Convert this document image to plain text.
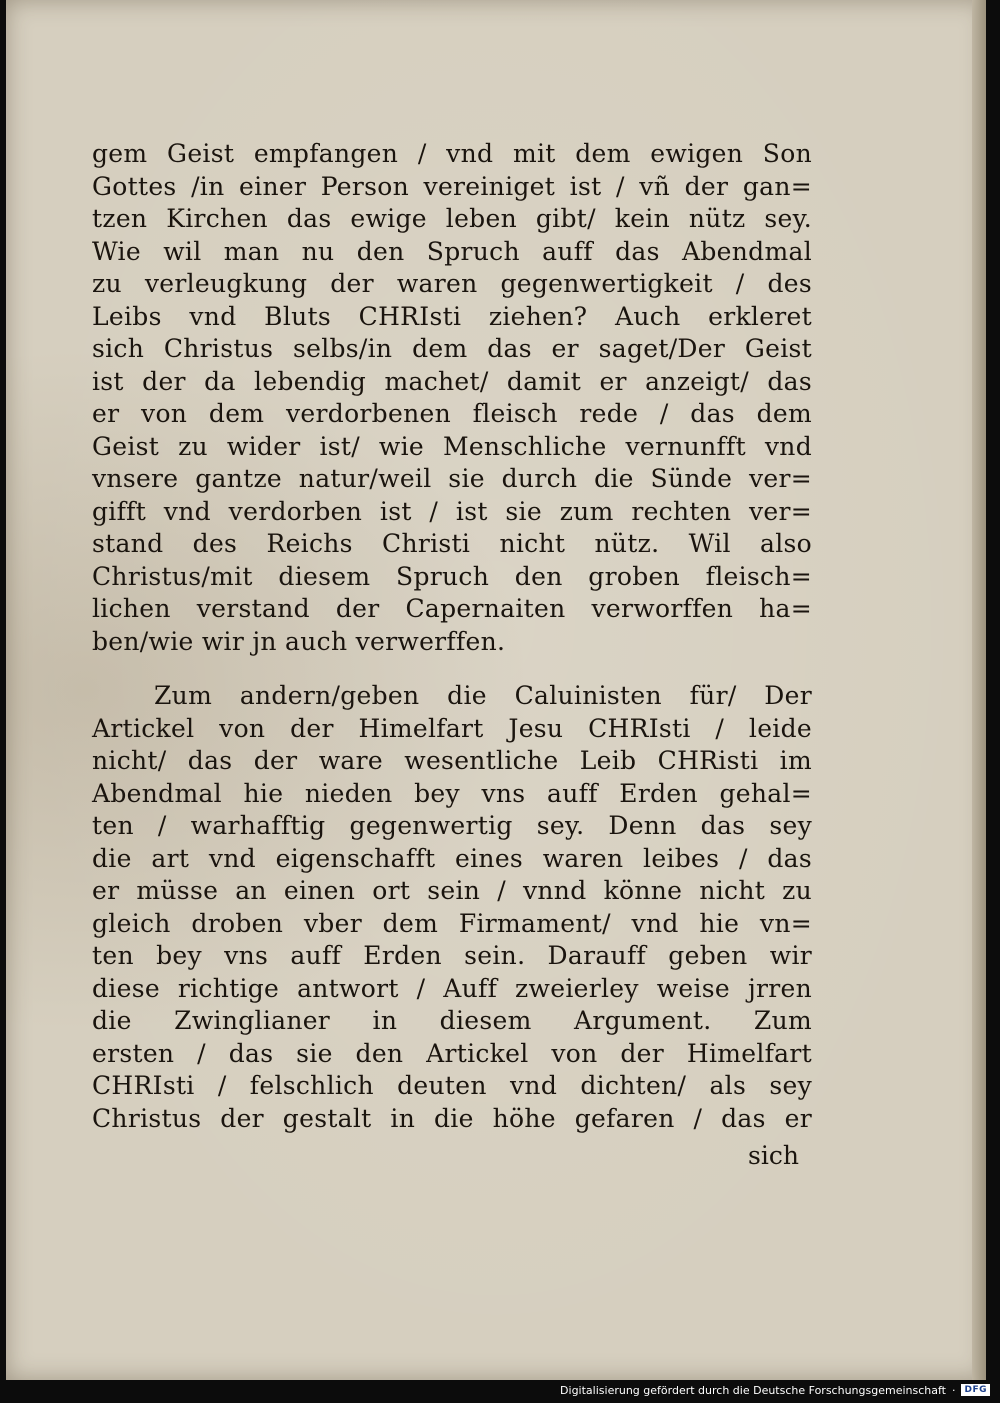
gem Geist empfangen / vnd mit dem ewigen Son
Gottes /in einer Person vereiniget ist / vñ der gan=
tzen Kirchen das ewige leben gibt/ kein nütz sey.
Wie wil man nu den Spruch auff das Abendmal
zu verleugkung der waren gegenwertigkeit / des
Leibs vnd Bluts CHRIsti ziehen? Auch erkleret
sich Christus selbs/in dem das er saget/Der Geist
ist der da lebendig machet/ damit er anzeigt/ das
er von dem verdorbenen fleisch rede / das dem
Geist zu wider ist/ wie Menschliche vernunfft vnd
vnsere gantze natur/weil sie durch die Sünde ver=
gifft vnd verdorben ist / ist sie zum rechten ver=
stand des Reichs Christi nicht nütz. Wil also
Christus/mit diesem Spruch den groben fleisch=
lichen verstand der Capernaiten verworffen ha=
ben/wie wir jn auch verwerffen.
Zum andern/geben die Caluinisten für/ Der
Artickel von der Himelfart Jesu CHRIsti / leide
nicht/ das der ware wesentliche Leib CHRisti im
Abendmal hie nieden bey vns auff Erden gehal=
ten / warhafftig gegenwertig sey. Denn das sey
die art vnd eigenschafft eines waren leibes / das
er müsse an einen ort sein / vnnd könne nicht zu
gleich droben vber dem Firmament/ vnd hie vn=
ten bey vns auff Erden sein. Darauff geben wir
diese richtige antwort / Auff zweierley weise jrren
die Zwinglianer in diesem Argument. Zum
ersten / das sie den Artickel von der Himelfart
CHRIsti / felschlich deuten vnd dichten/ als sey
Christus der gestalt in die höhe gefaren / das er
sich
Digitalisierung gefördert durch die Deutsche Forschungsgemeinschaft ·	DFG
